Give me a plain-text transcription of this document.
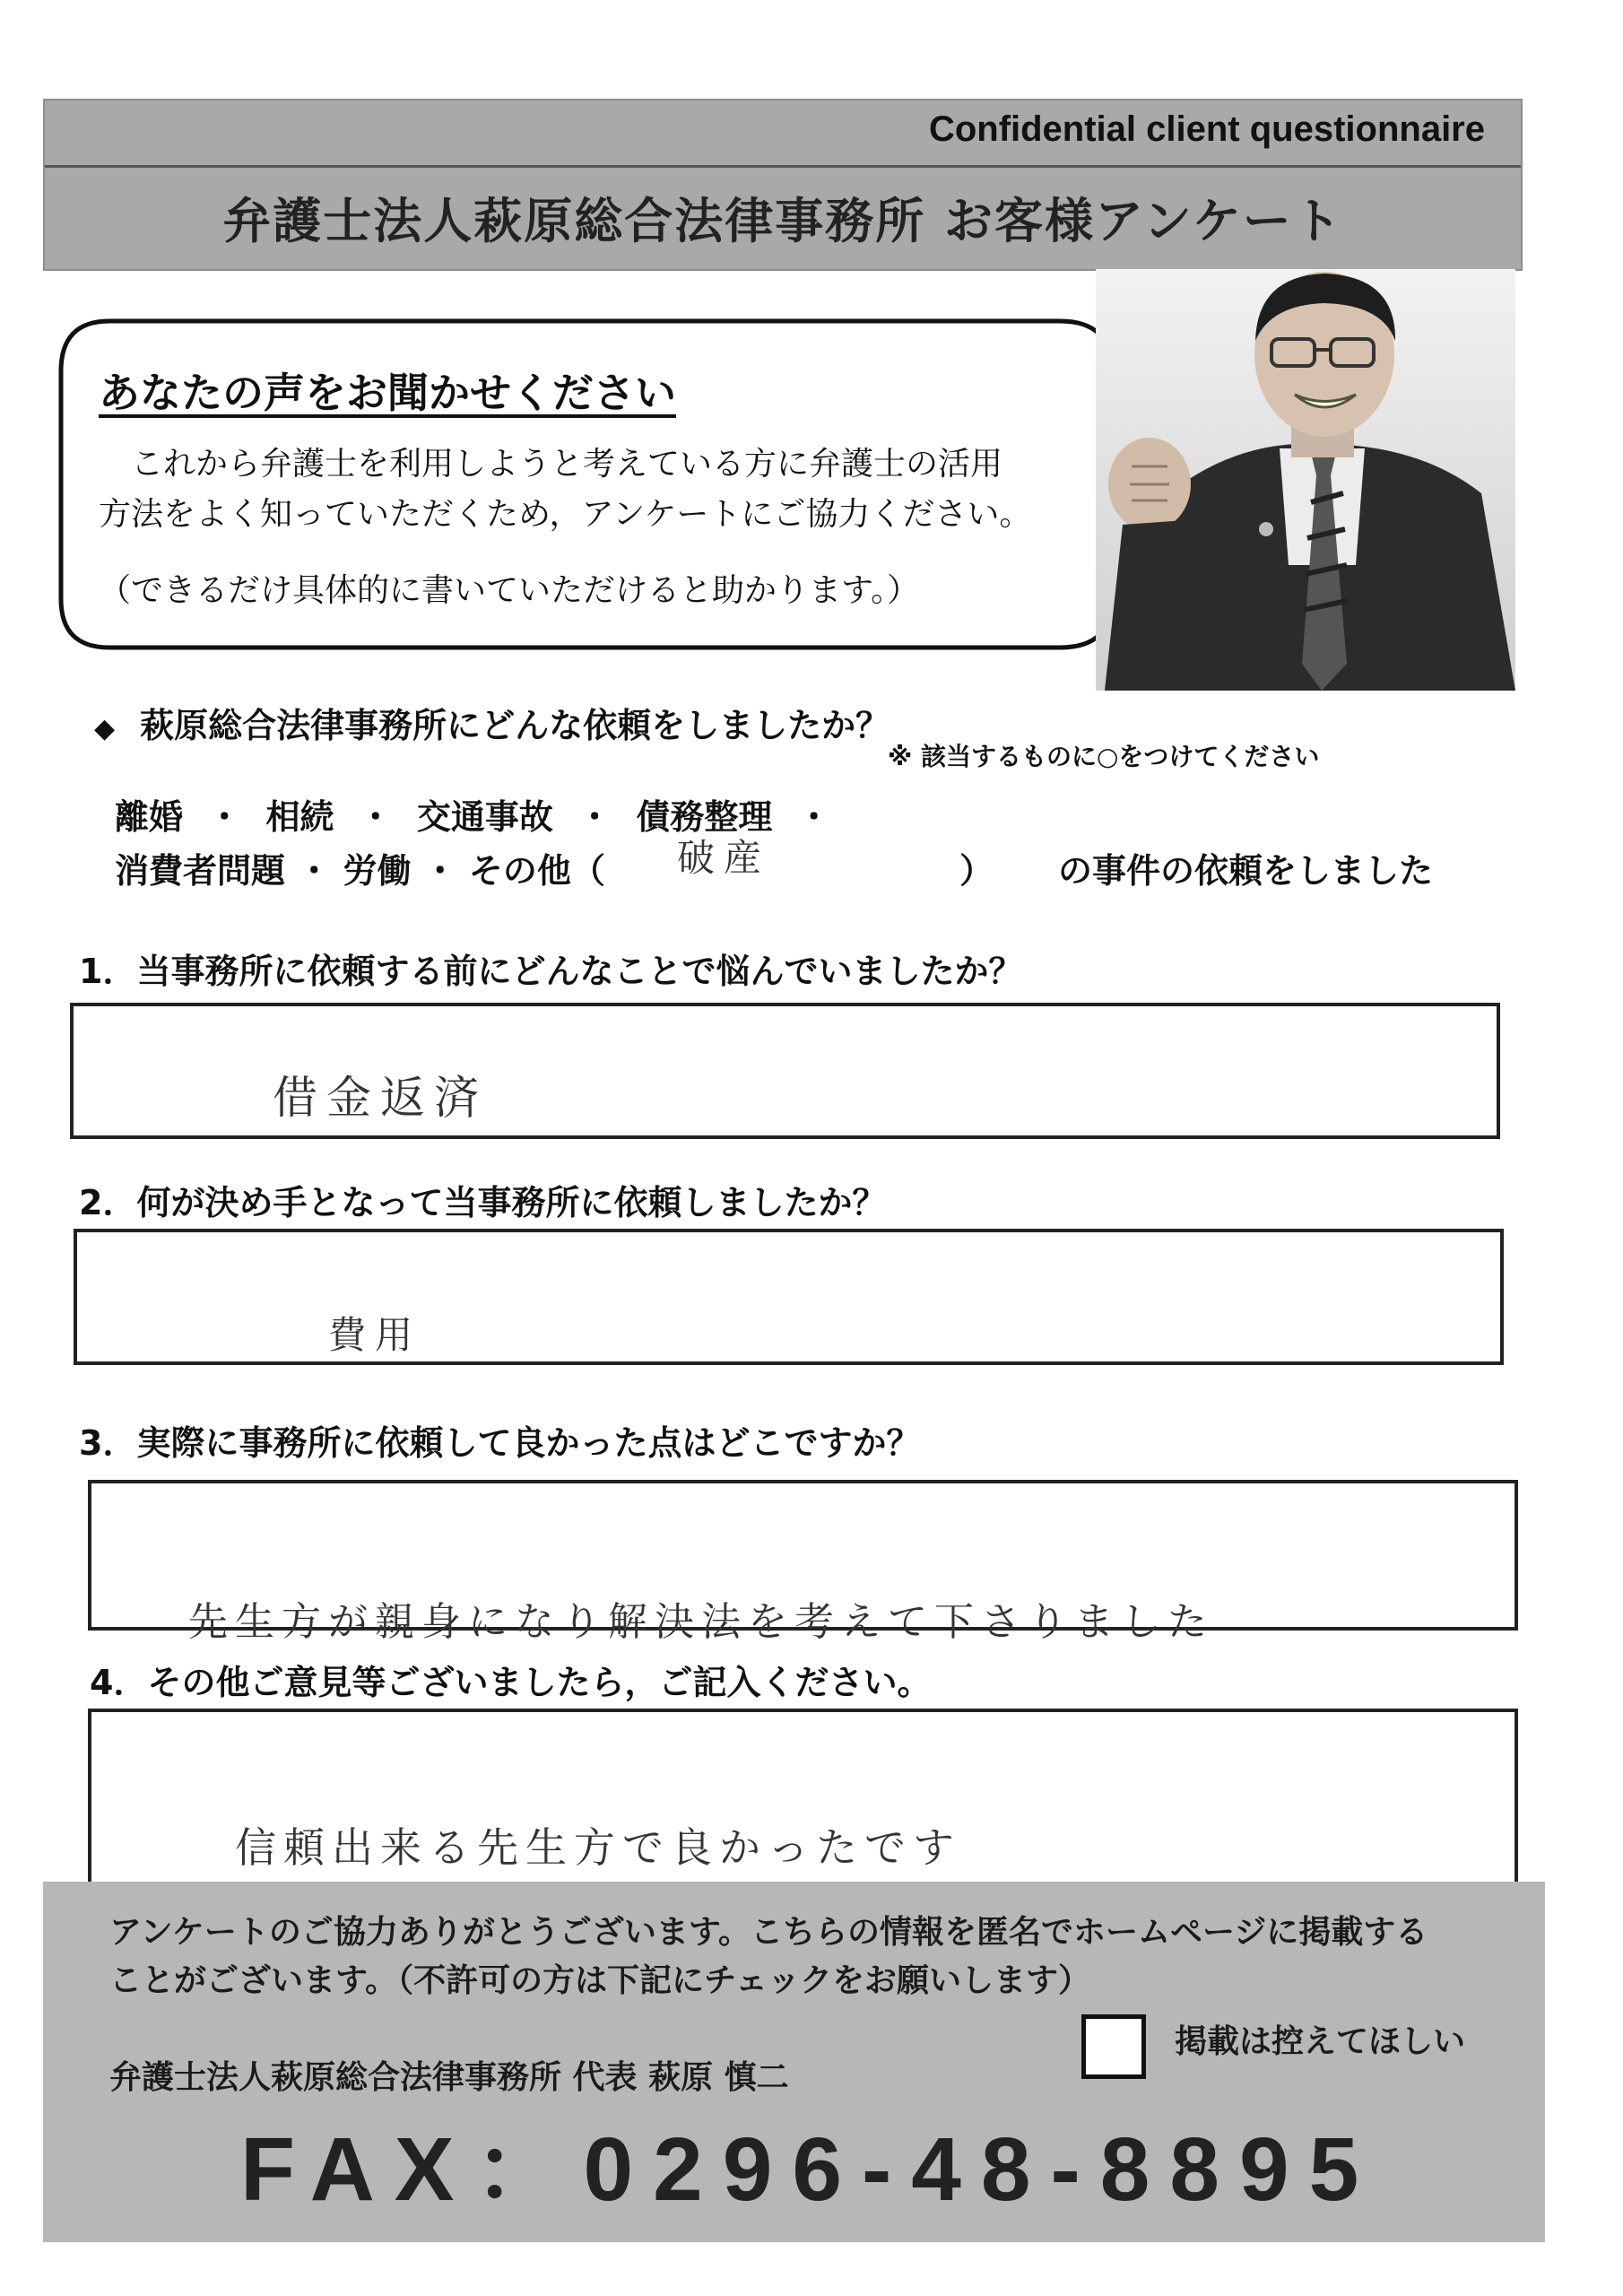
Confidential client questionnaire
弁護士法人萩原総合法律事務所 お客様アンケート
あなたの声をお聞かせください
これから弁護士を利用しようと考えている方に弁護士の活用
方法をよく知っていただくため，アンケートにご協力ください。
（できるだけ具体的に書いていただけると助かります。）
◆ 萩原総合法律事務所にどんな依頼をしましたか？
※ 該当するものに○をつけてください
離婚 ・ 相続 ・ 交通事故 ・ 債務整理 ・
消費者問題 ・ 労働 ・ その他（ 破産	） の事件の依頼をしました
1．当事務所に依頼する前にどんなことで悩んでいましたか？
借金返済
2．何が決め手となって当事務所に依頼しましたか？
費用
3．実際に事務所に依頼して良かった点はどこですか？
先生方が親身になり解決法を考えて下さりました
4．その他ご意見等ございましたら，ご記入ください。
信頼出来る先生方で良かったです
アンケートのご協力ありがとうございます。こちらの情報を匿名でホームページに掲載する
ことがございます。（不許可の方は下記にチェックをお願いします）
掲載は控えてほしい
弁護士法人萩原総合法律事務所 代表 萩原 慎二
FAX：0296-48-8895
